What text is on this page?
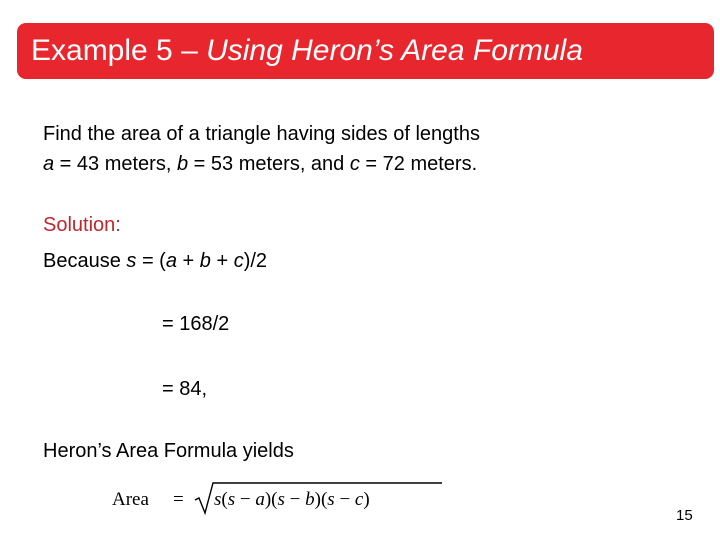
Example 5 – Using Heron’s Area Formula
Find the area of a triangle having sides of lengths
a = 43 meters, b = 53 meters, and c = 72 meters.
Solution:
Because s = (a + b + c)/2
= 168/2
= 84,
Heron’s Area Formula yields
Area = s(s − a)(s − b)(s − c)
15
